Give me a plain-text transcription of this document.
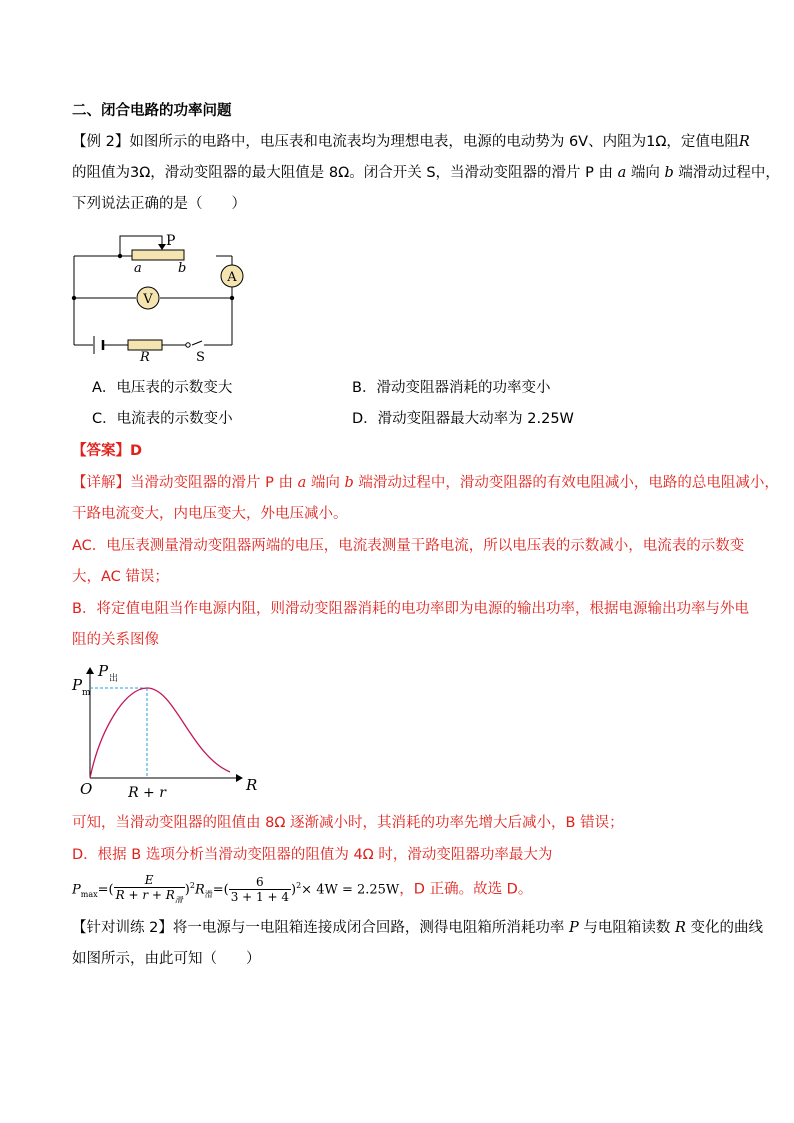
二、闭合电路的功率问题
【例 2】如图所示的电路中，电压表和电流表均为理想电表，电源的电动势为 6V、内阻为1Ω，定值电阻R
的阻值为3Ω，滑动变阻器的最大阻值是 8Ω。闭合开关 S，当滑动变阻器的滑片 P 由 a 端向 b 端滑动过程中，
下列说法正确的是（　　）
A
V
P
a	b
R	S
A．电压表的示数变大	B．滑动变阻器消耗的功率变小
C．电流表的示数变小	D．滑动变阻器最大动率为 2.25W
【答案】D
【详解】当滑动变阻器的滑片 P 由 a 端向 b 端滑动过程中，滑动变阻器的有效电阻减小，电路的总电阻减小，
干路电流变大，内电压变大，外电压减小。
AC．电压表测量滑动变阻器两端的电压，电流表测量干路电流，所以电压表的示数减小，电流表的示数变
大，AC 错误；
B．将定值电阻当作电源内阻，则滑动变阻器消耗的电功率即为电源的输出功率，根据电源输出功率与外电
阻的关系图像
P 出
P m
O	R + r	R
可知，当滑动变阻器的阻值由 8Ω 逐渐减小时，其消耗的功率先增大后减小，B 错误；
D．根据 B 选项分析当滑动变阻器的阻值为 4Ω 时，滑动变阻器功率最大为
$P_{max}=( \frac{E}{R + r + R_滑} )^2R_滑=( \frac{6}{3 + 1 + 4} )^2\times 4W = 2.25W$，D 正确。故选 D。
【针对训练 2】将一电源与一电阻箱连接成闭合回路，测得电阻箱所消耗功率 P 与电阻箱读数 R 变化的曲线
如图所示，由此可知（　　）
